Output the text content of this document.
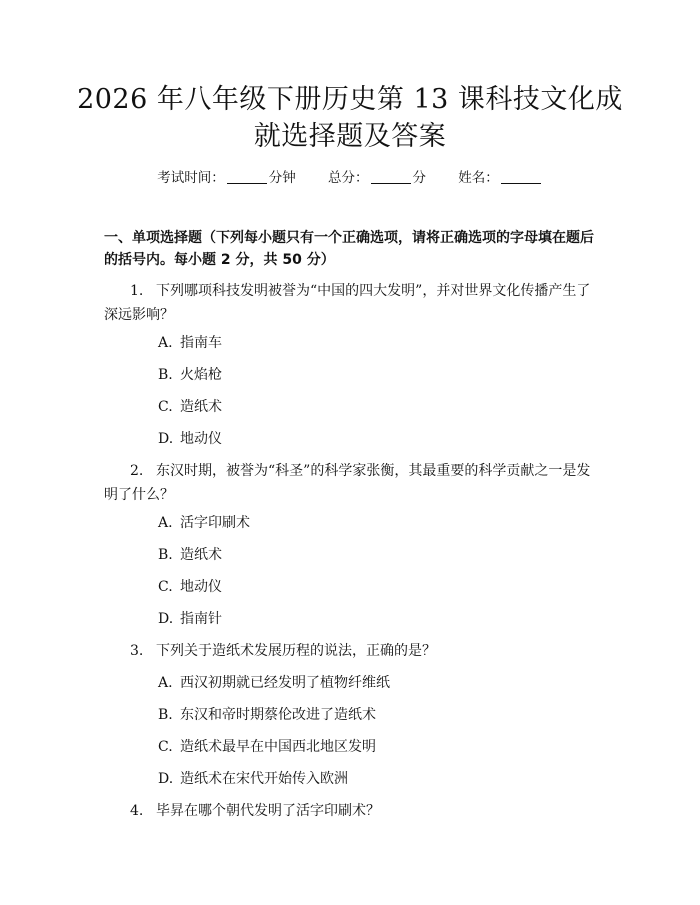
2026 年八年级下册历史第 13 课科技文化成
就选择题及答案
考试时间：	分钟 总分：	分 姓名：
一、单项选择题（下列每小题只有一个正确选项，请将正确选项的字母填在题后的括号内。每小题 2 分，共 50 分）
1. 下列哪项科技发明被誉为“中国的四大发明”，并对世界文化传播产生了
深远影响？
A. 指南车
B. 火焰枪
C. 造纸术
D. 地动仪
2. 东汉时期，被誉为“科圣”的科学家张衡，其最重要的科学贡献之一是发
明了什么？
A. 活字印刷术
B. 造纸术
C. 地动仪
D. 指南针
3. 下列关于造纸术发展历程的说法，正确的是？
A. 西汉初期就已经发明了植物纤维纸
B. 东汉和帝时期蔡伦改进了造纸术
C. 造纸术最早在中国西北地区发明
D. 造纸术在宋代开始传入欧洲
4. 毕昇在哪个朝代发明了活字印刷术？
